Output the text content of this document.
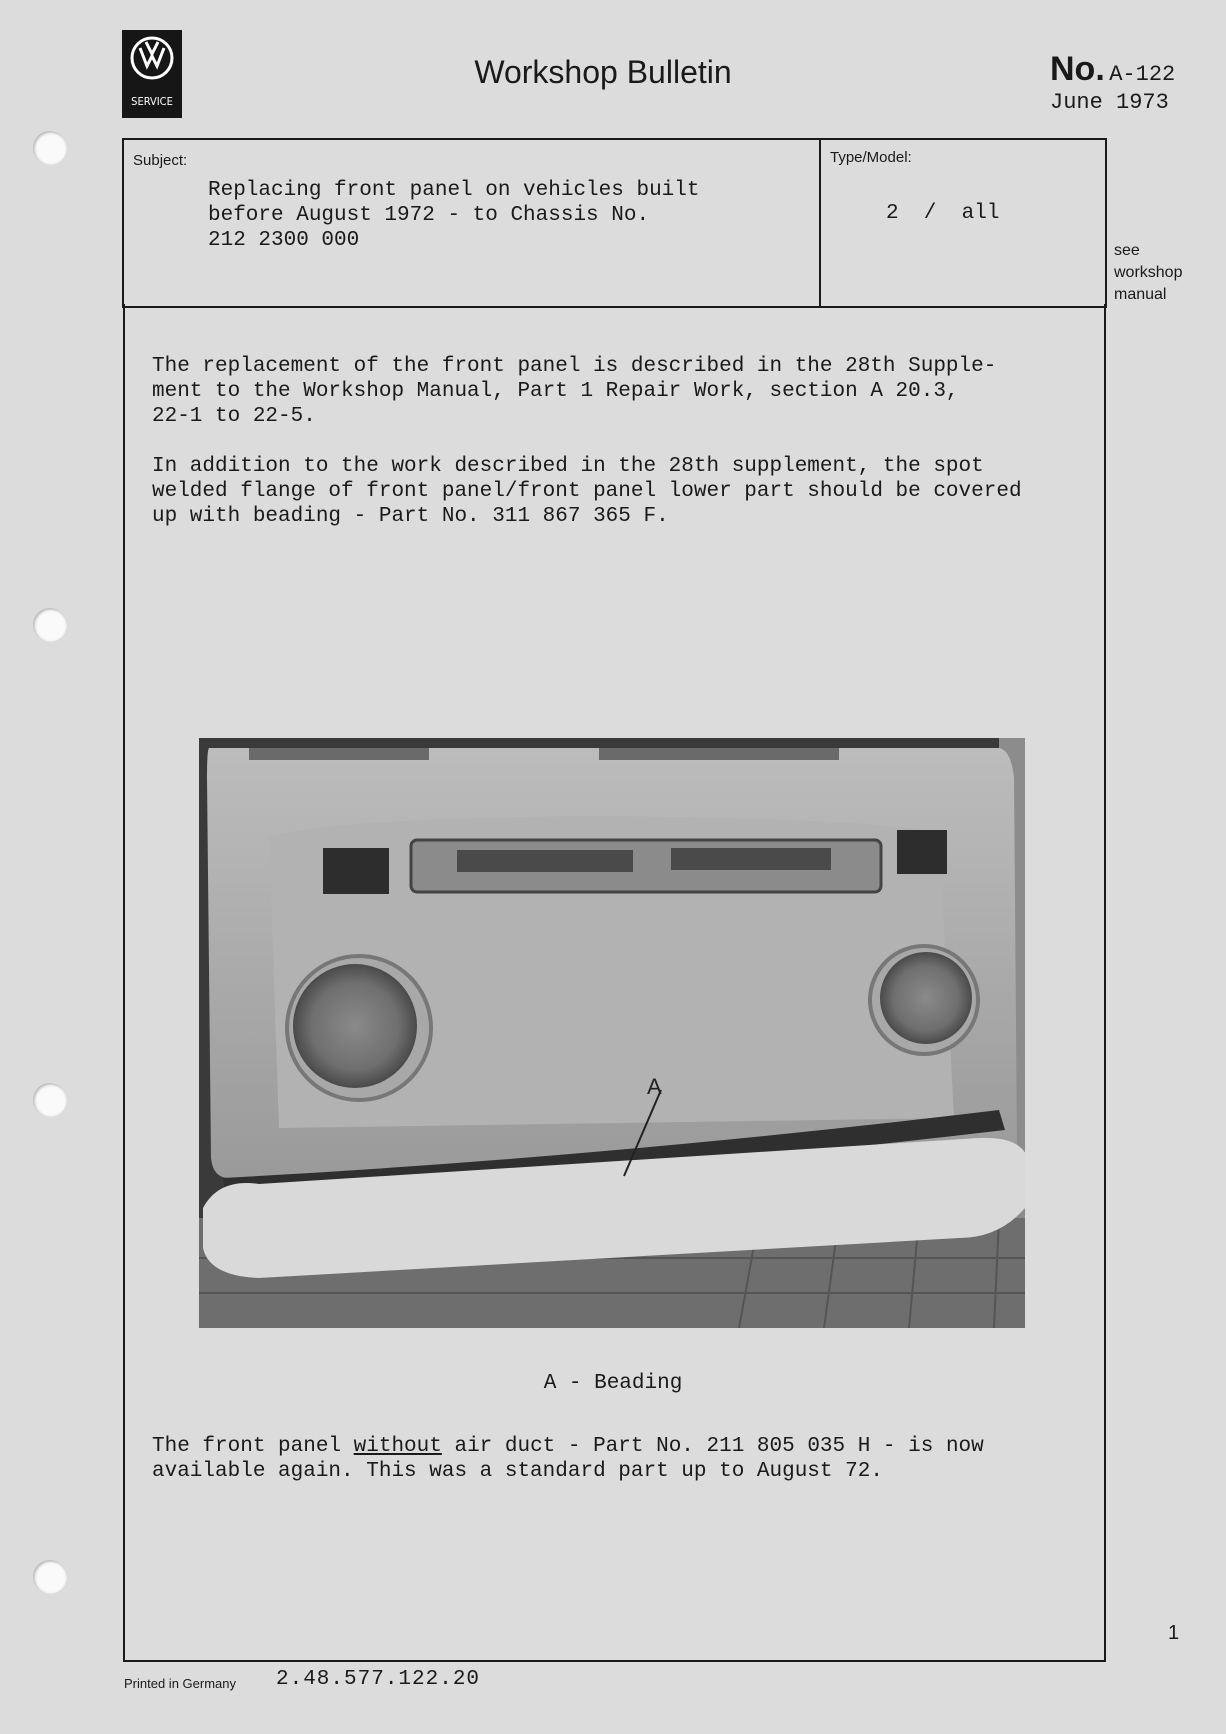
SERVICE
Workshop Bulletin	No. A-122
June 1973
Subject:
Replacing front panel on vehicles built
before August 1972 - to Chassis No.
212 2300 000
Type/Model:
2  /  all
see
workshop
manual
The replacement of the front panel is described in the 28th Supple-
ment to the Workshop Manual, Part 1 Repair Work, section A 20.3,
22-1 to 22-5.
In addition to the work described in the 28th supplement, the spot
welded flange of front panel/front panel lower part should be covered
up with beading - Part No. 311 867 365 F.
A
A - Beading
The front panel without air duct - Part No. 211 805 035 H - is now
available again. This was a standard part up to August 72.
Printed in Germany 2.48.577.122.20
1
